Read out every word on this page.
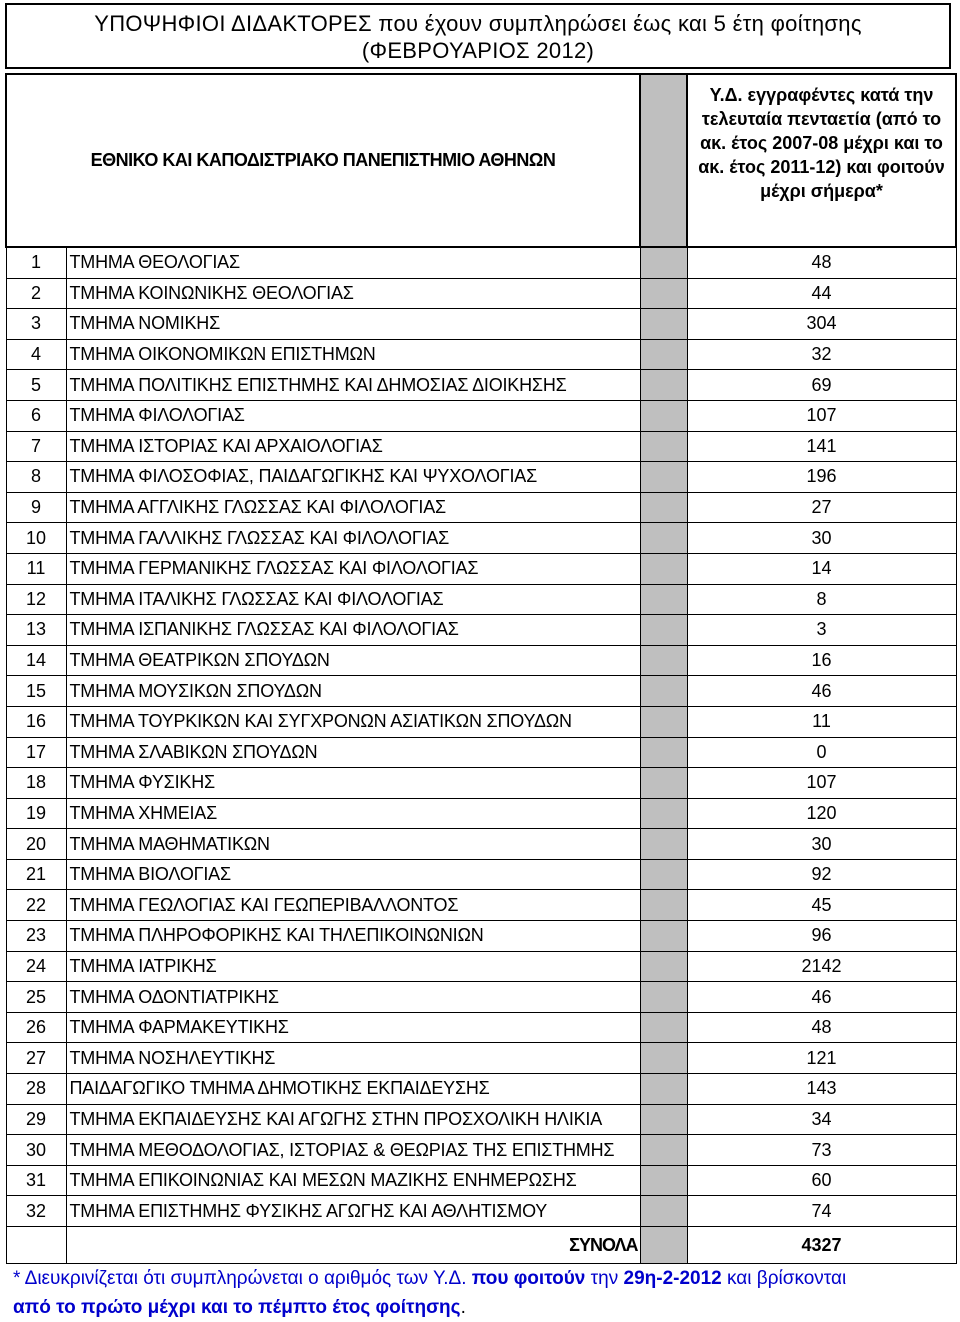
ΥΠΟΨΗΦΙΟΙ ΔΙΔΑΚΤΟΡΕΣ που έχουν συμπληρώσει έως και 5 έτη φοίτησης
(ΦΕΒΡΟΥΑΡΙΟΣ 2012)
ΕΘΝΙΚΟ ΚΑΙ ΚΑΠΟΔΙΣΤΡΙΑΚΟ ΠΑΝΕΠΙΣΤΗΜΙΟ ΑΘΗΝΩΝ			Υ.Δ. εγγραφέντες κατά την τελευταία πενταετία (από το ακ. έτος 2007-08 μέχρι και το ακ. έτος 2011-12) και φοιτούν μέχρι σήμερα*
1	ΤΜΗΜΑ ΘΕΟΛΟΓΙΑΣ		48
2	ΤΜΗΜΑ ΚΟΙΝΩΝΙΚΗΣ ΘΕΟΛΟΓΙΑΣ		44
3	ΤΜΗΜΑ ΝΟΜΙΚΗΣ		304
4	ΤΜΗΜΑ ΟΙΚΟΝΟΜΙΚΩΝ ΕΠΙΣΤΗΜΩΝ		32
5	ΤΜΗΜΑ ΠΟΛΙΤΙΚΗΣ ΕΠΙΣΤΗΜΗΣ ΚΑΙ ΔΗΜΟΣΙΑΣ ΔΙΟΙΚΗΣΗΣ		69
6	ΤΜΗΜΑ ΦΙΛΟΛΟΓΙΑΣ		107
7	ΤΜΗΜΑ ΙΣΤΟΡΙΑΣ ΚΑΙ ΑΡΧΑΙΟΛΟΓΙΑΣ		141
8	ΤΜΗΜΑ ΦΙΛΟΣΟΦΙΑΣ, ΠΑΙΔΑΓΩΓΙΚΗΣ ΚΑΙ ΨΥΧΟΛΟΓΙΑΣ		196
9	ΤΜΗΜΑ ΑΓΓΛΙΚΗΣ ΓΛΩΣΣΑΣ ΚΑΙ ΦΙΛΟΛΟΓΙΑΣ		27
10	ΤΜΗΜΑ ΓΑΛΛΙΚΗΣ ΓΛΩΣΣΑΣ ΚΑΙ ΦΙΛΟΛΟΓΙΑΣ		30
11	ΤΜΗΜΑ ΓΕΡΜΑΝΙΚΗΣ ΓΛΩΣΣΑΣ ΚΑΙ ΦΙΛΟΛΟΓΙΑΣ		14
12	ΤΜΗΜΑ ΙΤΑΛΙΚΗΣ ΓΛΩΣΣΑΣ ΚΑΙ ΦΙΛΟΛΟΓΙΑΣ		8
13	ΤΜΗΜΑ ΙΣΠΑΝΙΚΗΣ ΓΛΩΣΣΑΣ ΚΑΙ ΦΙΛΟΛΟΓΙΑΣ		3
14	ΤΜΗΜΑ ΘΕΑΤΡΙΚΩΝ ΣΠΟΥΔΩΝ		16
15	ΤΜΗΜΑ ΜΟΥΣΙΚΩΝ ΣΠΟΥΔΩΝ		46
16	ΤΜΗΜΑ ΤΟΥΡΚΙΚΩΝ ΚΑΙ ΣΥΓΧΡΟΝΩΝ ΑΣΙΑΤΙΚΩΝ ΣΠΟΥΔΩΝ		11
17	ΤΜΗΜΑ ΣΛΑΒΙΚΩΝ ΣΠΟΥΔΩΝ		0
18	ΤΜΗΜΑ ΦΥΣΙΚΗΣ		107
19	ΤΜΗΜΑ ΧΗΜΕΙΑΣ		120
20	ΤΜΗΜΑ ΜΑΘΗΜΑΤΙΚΩΝ		30
21	ΤΜΗΜΑ ΒΙΟΛΟΓΙΑΣ		92
22	ΤΜΗΜΑ ΓΕΩΛΟΓΙΑΣ ΚΑΙ ΓΕΩΠΕΡΙΒΑΛΛΟΝΤΟΣ		45
23	ΤΜΗΜΑ ΠΛΗΡΟΦΟΡΙΚΗΣ ΚΑΙ ΤΗΛΕΠΙΚΟΙΝΩΝΙΩΝ		96
24	ΤΜΗΜΑ ΙΑΤΡΙΚΗΣ		2142
25	ΤΜΗΜΑ ΟΔΟΝΤΙΑΤΡΙΚΗΣ		46
26	ΤΜΗΜΑ ΦΑΡΜΑΚΕΥΤΙΚΗΣ		48
27	ΤΜΗΜΑ ΝΟΣΗΛΕΥΤΙΚΗΣ		121
28	ΠΑΙΔΑΓΩΓΙΚΟ ΤΜΗΜΑ ΔΗΜΟΤΙΚΗΣ ΕΚΠΑΙΔΕΥΣΗΣ		143
29	ΤΜΗΜΑ ΕΚΠΑΙΔΕΥΣΗΣ ΚΑΙ ΑΓΩΓΗΣ ΣΤΗΝ ΠΡΟΣΧΟΛΙΚΗ ΗΛΙΚΙΑ		34
30	ΤΜΗΜΑ ΜΕΘΟΔΟΛΟΓΙΑΣ, ΙΣΤΟΡΙΑΣ & ΘΕΩΡΙΑΣ ΤΗΣ ΕΠΙΣΤΗΜΗΣ		73
31	ΤΜΗΜΑ ΕΠΙΚΟΙΝΩΝΙΑΣ ΚΑΙ ΜΕΣΩΝ ΜΑΖΙΚΗΣ ΕΝΗΜΕΡΩΣΗΣ		60
32	ΤΜΗΜΑ ΕΠΙΣΤΗΜΗΣ ΦΥΣΙΚΗΣ ΑΓΩΓΗΣ ΚΑΙ ΑΘΛΗΤΙΣΜΟΥ		74
	ΣΥΝΟΛΑ		4327
* Διευκρινίζεται ότι συμπληρώνεται ο αριθμός των Υ.Δ. που φοιτούν την 29η-2-2012 και βρίσκονται
από το πρώτο μέχρι και το πέμπτο έτος φοίτησης.
